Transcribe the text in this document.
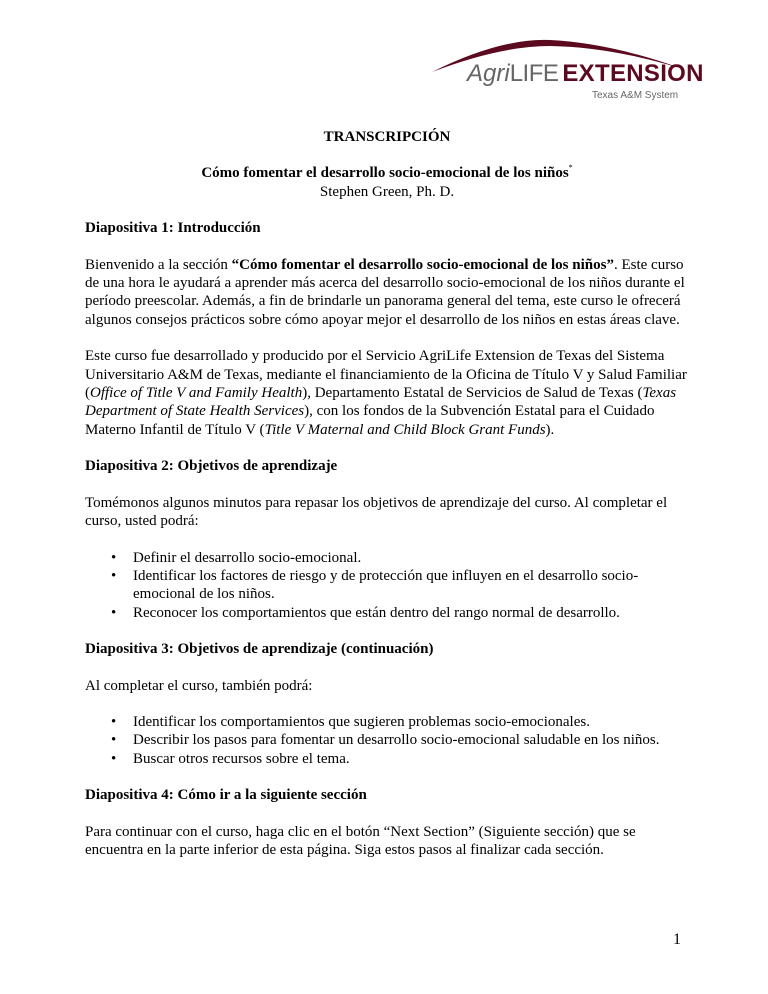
AgriLIFE EXTENSION
Texas A&M System

TRANSCRIPCIÓN

Cómo fomentar el desarrollo socio-emocional de los niños*
Stephen Green, Ph. D.

Diapositiva 1: Introducción

Bienvenido a la sección “Cómo fomentar el desarrollo socio-emocional de los niños”. Este curso de una hora le ayudará a aprender más acerca del desarrollo socio-emocional de los niños durante el período preescolar. Además, a fin de brindarle un panorama general del tema, este curso le ofrecerá algunos consejos prácticos sobre cómo apoyar mejor el desarrollo de los niños en estas áreas clave.

Este curso fue desarrollado y producido por el Servicio AgriLife Extension de Texas del Sistema Universitario A&M de Texas, mediante el financiamiento de la Oficina de Título V y Salud Familiar (Office of Title V and Family Health), Departamento Estatal de Servicios de Salud de Texas (Texas Department of State Health Services), con los fondos de la Subvención Estatal para el Cuidado Materno Infantil de Título V (Title V Maternal and Child Block Grant Funds).

Diapositiva 2: Objetivos de aprendizaje

Tomémonos algunos minutos para repasar los objetivos de aprendizaje del curso. Al completar el curso, usted podrá:

• Definir el desarrollo socio-emocional.
• Identificar los factores de riesgo y de protección que influyen en el desarrollo socio-emocional de los niños.
• Reconocer los comportamientos que están dentro del rango normal de desarrollo.

Diapositiva 3: Objetivos de aprendizaje (continuación)

Al completar el curso, también podrá:

• Identificar los comportamientos que sugieren problemas socio-emocionales.
• Describir los pasos para fomentar un desarrollo socio-emocional saludable en los niños.
• Buscar otros recursos sobre el tema.

Diapositiva 4: Cómo ir a la siguiente sección

Para continuar con el curso, haga clic en el botón “Next Section” (Siguiente sección) que se encuentra en la parte inferior de esta página. Siga estos pasos al finalizar cada sección.

1
